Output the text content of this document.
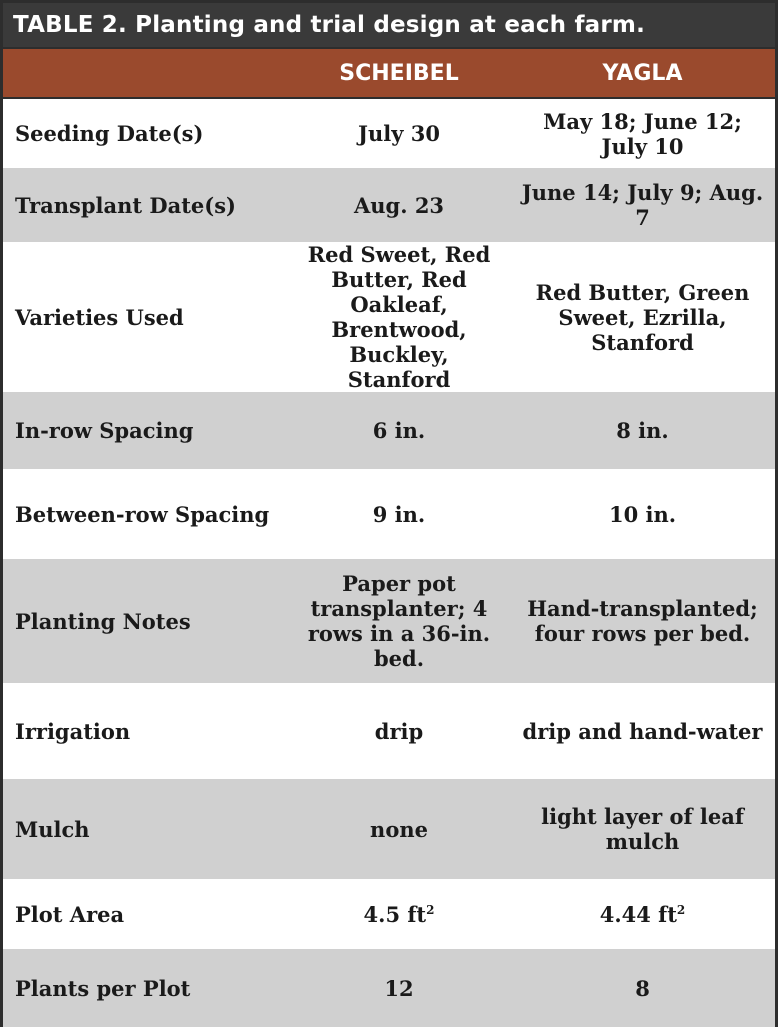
TABLE 2. Planting and trial design at each farm.
	SCHEIBEL	YAGLA
Seeding Date(s)	July 30	May 18; June 12; July 10
Transplant Date(s)	Aug. 23	June 14; July 9; Aug. 7
Varieties Used	Red Sweet, Red Butter, Red Oakleaf, Brentwood, Buckley, Stanford	Red Butter, Green Sweet, Ezrilla, Stanford
In-row Spacing	6 in.	8 in.
Between-row Spacing	9 in.	10 in.
Planting Notes	Paper pot transplanter; 4 rows in a 36-in. bed.	Hand-transplanted; four rows per bed.
Irrigation	drip	drip and hand-water
Mulch	none	light layer of leaf mulch
Plot Area	4.5 $ft^2$	4.44 $ft^2$
Plants per Plot	12	8
